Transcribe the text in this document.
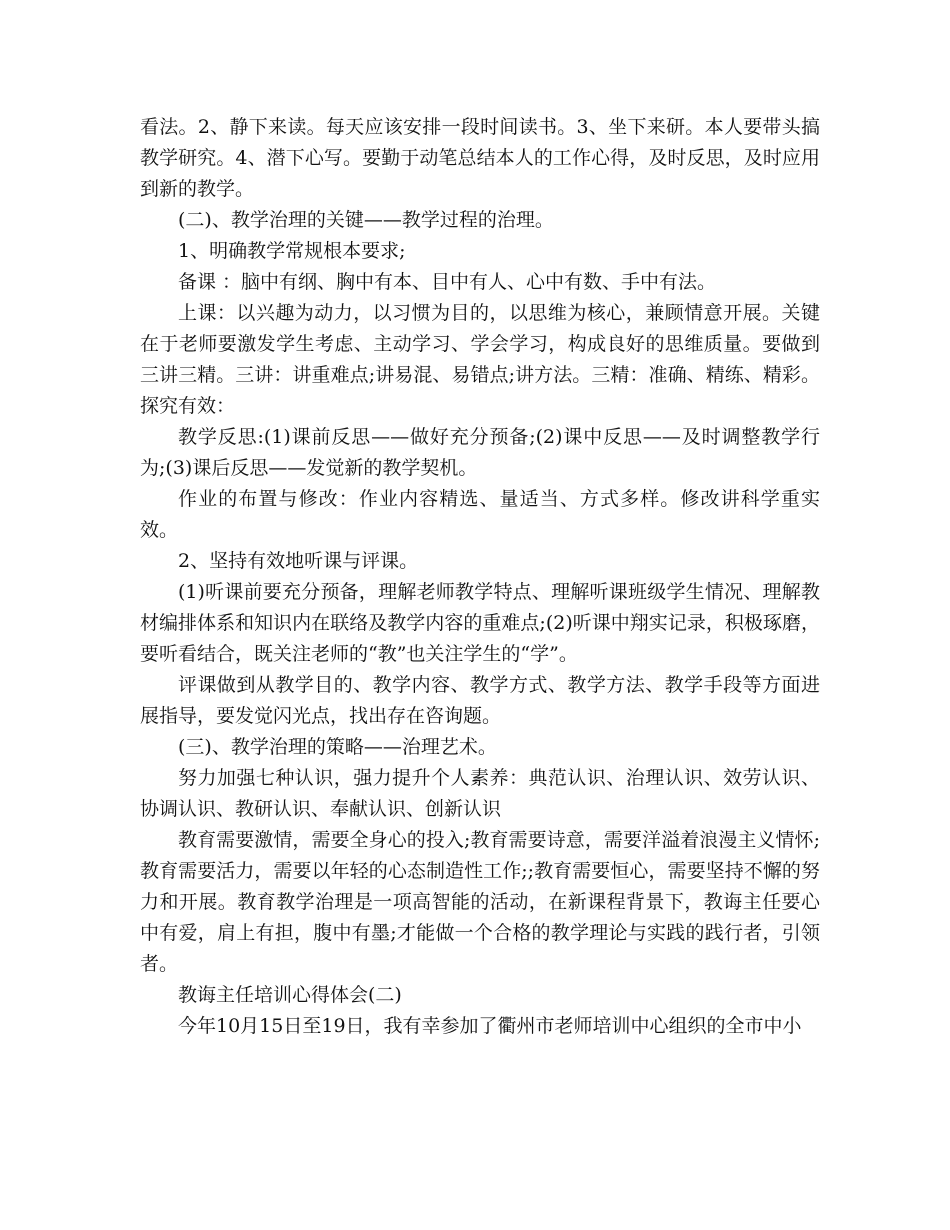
看法。2、静下来读。每天应该安排一段时间读书。3、坐下来研。本人要带头搞教学研究。4、潜下心写。要勤于动笔总结本人的工作心得，及时反思，及时应用到新的教学。

(二)、教学治理的关键——教学过程的治理。

1、明确教学常规根本要求;

备课 ：脑中有纲、胸中有本、目中有人、心中有数、手中有法。

上课：以兴趣为动力，以习惯为目的，以思维为核心，兼顾情意开展。关键在于老师要激发学生考虑、主动学习、学会学习，构成良好的思维质量。要做到三讲三精。三讲：讲重难点;讲易混、易错点;讲方法。三精：准确、精练、精彩。探究有效：

教学反思:(1)课前反思——做好充分预备;(2)课中反思——及时调整教学行为;(3)课后反思——发觉新的教学契机。

作业的布置与修改：作业内容精选、量适当、方式多样。修改讲科学重实效。

2、坚持有效地听课与评课。

(1)听课前要充分预备，理解老师教学特点、理解听课班级学生情况、理解教材编排体系和知识内在联络及教学内容的重难点;(2)听课中翔实记录，积极琢磨，要听看结合，既关注老师的“教”也关注学生的“学”。

评课做到从教学目的、教学内容、教学方式、教学方法、教学手段等方面进展指导，要发觉闪光点，找出存在咨询题。

(三)、教学治理的策略——治理艺术。

努力加强七种认识，强力提升个人素养：典范认识、治理认识、效劳认识、协调认识、教研认识、奉献认识、创新认识

教育需要激情，需要全身心的投入;教育需要诗意，需要洋溢着浪漫主义情怀;教育需要活力，需要以年轻的心态制造性工作;;教育需要恒心，需要坚持不懈的努力和开展。教育教学治理是一项高智能的活动，在新课程背景下，教诲主任要心中有爱，肩上有担，腹中有墨;才能做一个合格的教学理论与实践的践行者，引领者。

教诲主任培训心得体会(二)

今年10月15日至19日，我有幸参加了衢州市老师培训中心组织的全市中小
